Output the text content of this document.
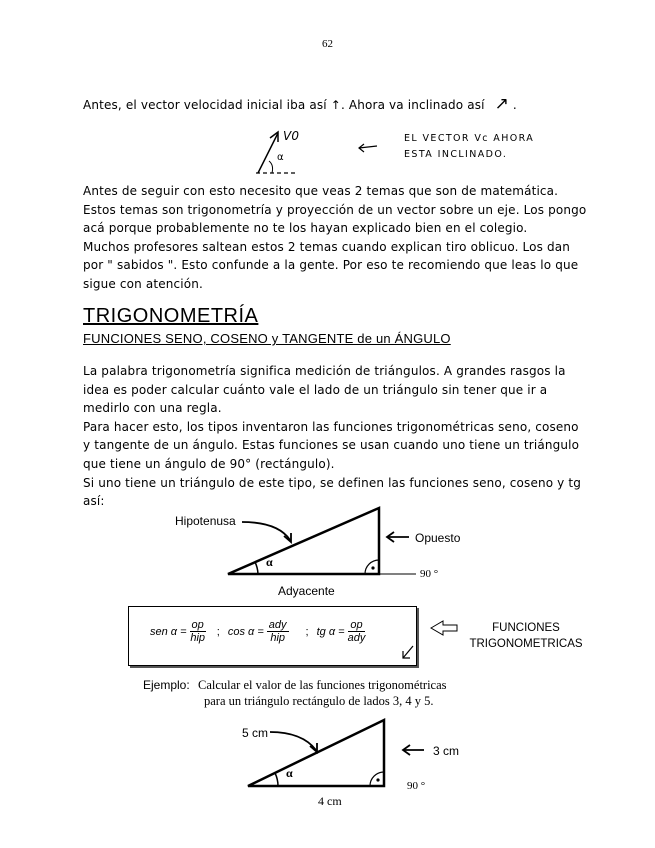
62
Antes, el vector velocidad inicial iba así ↑. Ahora va inclinado así ↗ .
V0
α
EL VECTOR Vc AHORA
ESTA INCLINADO.
Antes de seguir con esto necesito que veas 2 temas que son de matemática. Estos temas son trigonometría y proyección de un vector sobre un eje. Los pongo acá porque probablemente no te los hayan explicado bien en el colegio.
Muchos profesores saltean estos 2 temas cuando explican tiro oblicuo. Los dan por " sabidos ". Esto confunde a la gente. Por eso te recomiendo que leas lo que sigue con atención.
TRIGONOMETRÍA
FUNCIONES SENO, COSENO y TANGENTE de un ÁNGULO
La palabra trigonometría significa medición de triángulos. A grandes rasgos la idea es poder calcular cuánto vale el lado de un triángulo sin tener que ir a medirlo con una regla.
Para hacer esto, los tipos inventaron las funciones trigonométricas seno, coseno y tangente de un ángulo. Estas funciones se usan cuando uno tiene un triángulo que tiene un ángulo de 90° (rectángulo).
Si uno tiene un triángulo de este tipo, se definen las funciones seno, coseno y tg así:
Hipotenusa
Opuesto
Adyacente
α
90 °
sen $\alpha = \frac{op}{\text{hip}}$ ; $\cos \alpha = \frac{\text{ady}}{\text{hip}}$ ; tg $\alpha = \frac{op}{\text{ady}}$	FUNCIONES
TRIGONOMETRICAS
Ejemplo: Calcular el valor de las funciones trigonométricas
para un triángulo rectángulo de lados 3, 4 y 5.
5 cm
3 cm
4 cm
α
90 °
